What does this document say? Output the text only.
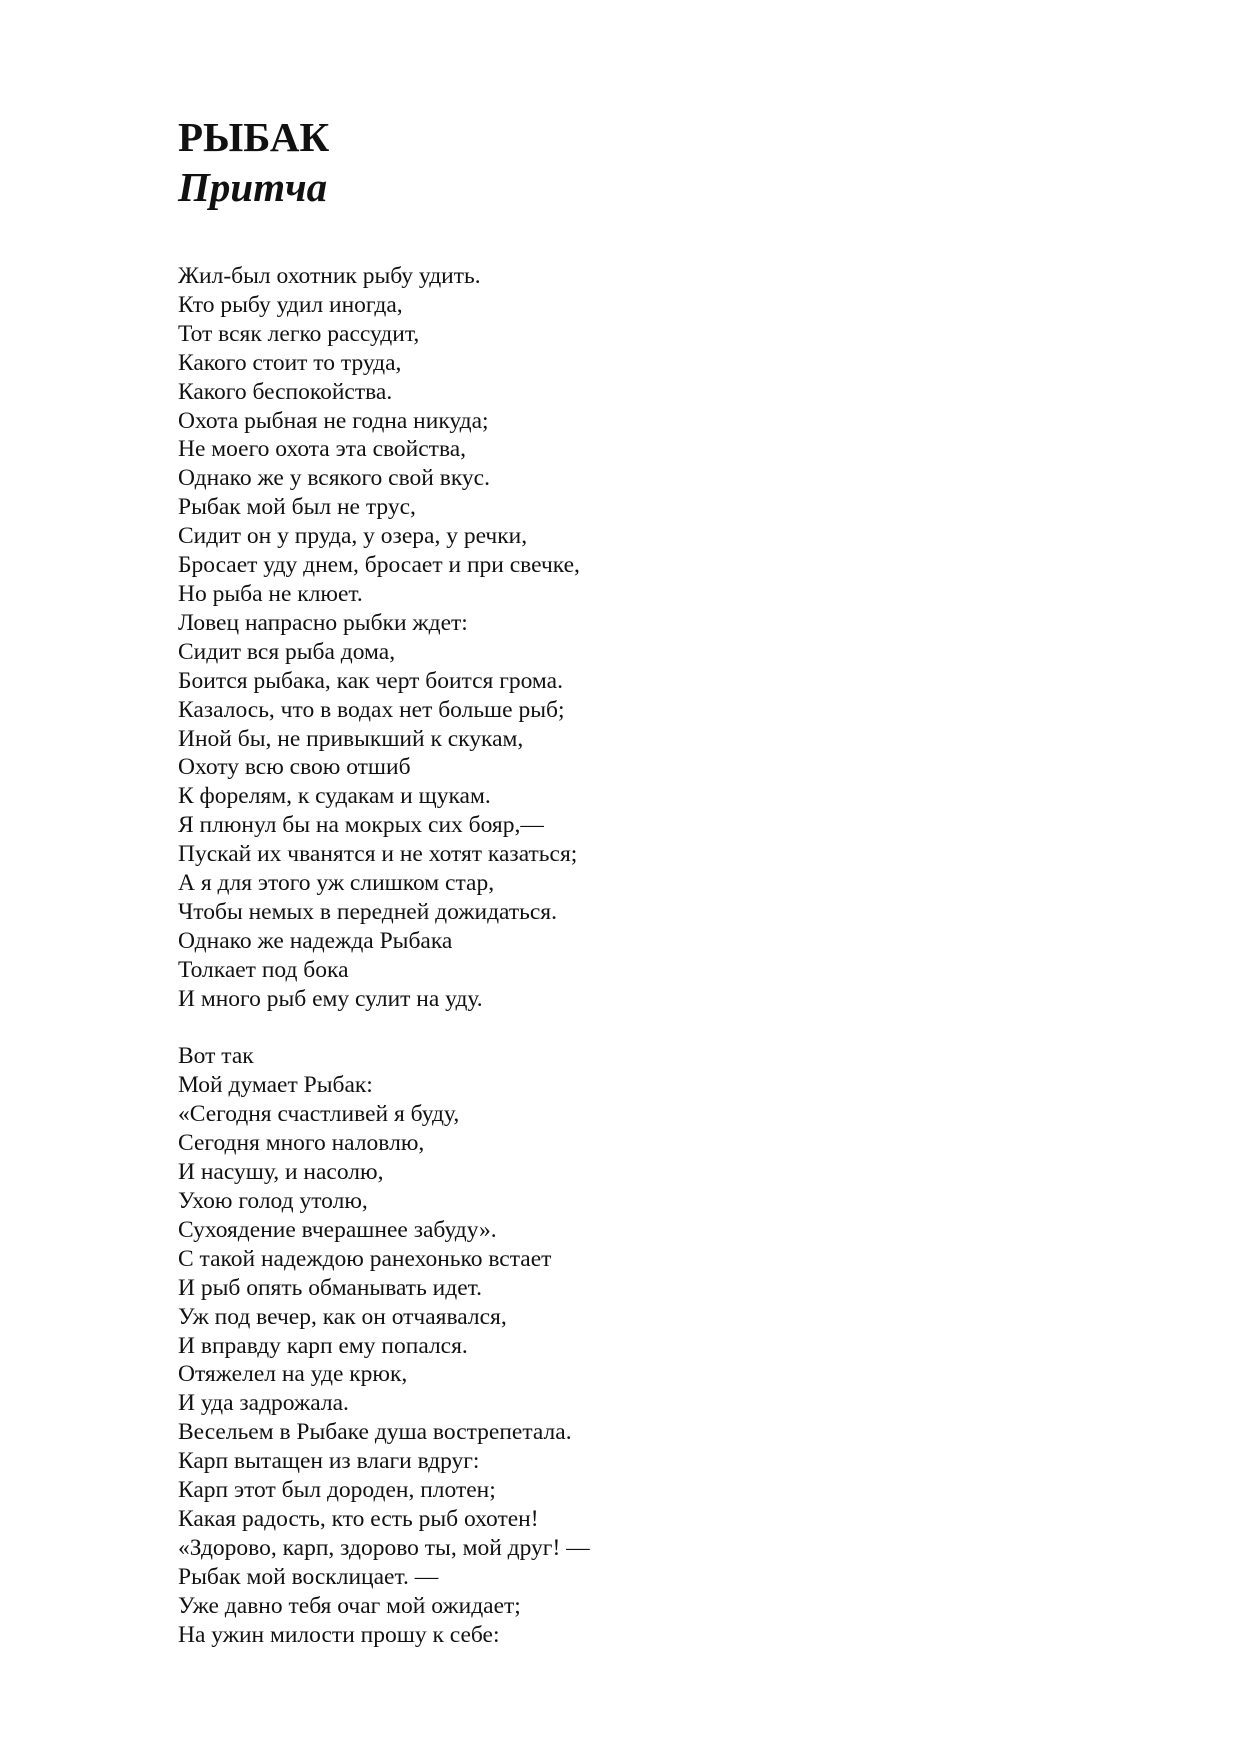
РЫБАК
Притча
Жил-был охотник рыбу удить.
Кто рыбу удил иногда,
Тот всяк легко рассудит,
Какого стоит то труда,
Какого беспокойства.
Охота рыбная не годна никуда;
Не моего охота эта свойства,
Однако же у всякого свой вкус.
Рыбак мой был не трус,
Сидит он у пруда, у озера, у речки,
Бросает уду днем, бросает и при свечке,
Но рыба не клюет.
Ловец напрасно рыбки ждет:
Сидит вся рыба дома,
Боится рыбака, как черт боится грома.
Казалось, что в водах нет больше рыб;
Иной бы, не привыкший к скукам,
Охоту всю свою отшиб
К форелям, к судакам и щукам.
Я плюнул бы на мокрых сих бояр,—
Пускай их чванятся и не хотят казаться;
А я для этого уж слишком стар,
Чтобы немых в передней дожидаться.
Однако же надежда Рыбака
Толкает под бока
И много рыб ему сулит на уду.
Вот так
Мой думает Рыбак:
«Сегодня счастливей я буду,
Сегодня много наловлю,
И насушу, и насолю,
Ухою голод утолю,
Сухоядение вчерашнее забуду».
С такой надеждою ранехонько встает
И рыб опять обманывать идет.
Уж под вечер, как он отчаявался,
И вправду карп ему попался.
Отяжелел на уде крюк,
И уда задрожала.
Весельем в Рыбаке душа вострепетала.
Карп вытащен из влаги вдруг:
Карп этот был дороден, плотен;
Какая радость, кто есть рыб охотен!
«Здорово, карп, здорово ты, мой друг! —
Рыбак мой восклицает. —
Уже давно тебя очаг мой ожидает;
На ужин милости прошу к себе:
